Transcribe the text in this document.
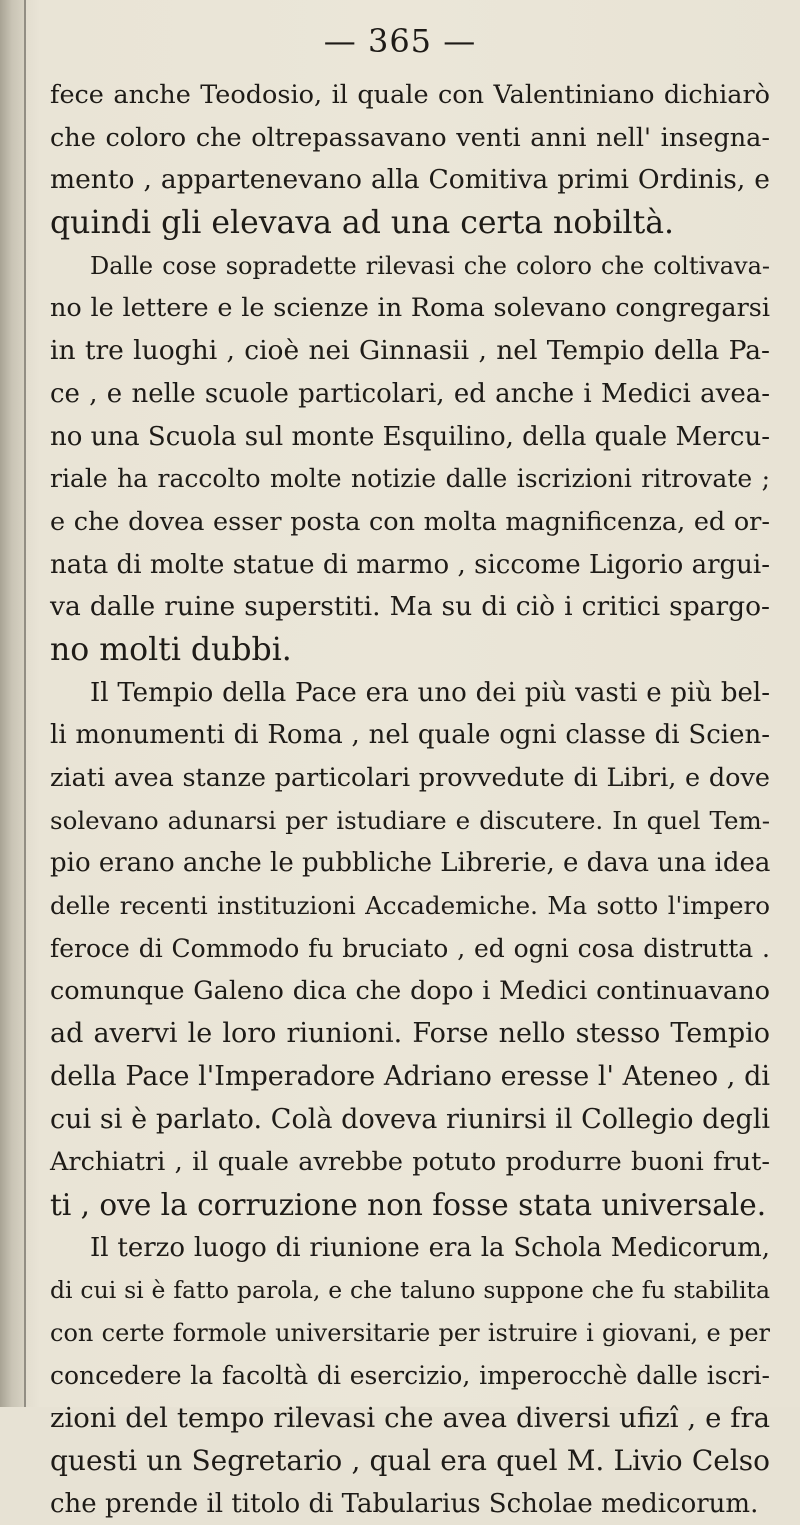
— 365 —
fece anche Teodosio, il quale con Valentiniano dichiarò
che coloro che oltrepassavano venti anni nell' insegna-
mento , appartenevano alla Comitiva primi Ordinis, e
quindi gli elevava ad una certa nobiltà.
Dalle cose sopradette rilevasi che coloro che coltivava-
no le lettere e le scienze in Roma solevano congregarsi
in tre luoghi , cioè nei Ginnasii , nel Tempio della Pa-
ce , e nelle scuole particolari, ed anche i Medici avea-
no una Scuola sul monte Esquilino, della quale Mercu-
riale ha raccolto molte notizie dalle iscrizioni ritrovate ;
e che dovea esser posta con molta magnificenza, ed or-
nata di molte statue di marmo , siccome Ligorio argui-
va dalle ruine superstiti. Ma su di ciò i critici spargo-
no molti dubbi.
Il Tempio della Pace era uno dei più vasti e più bel-
li monumenti di Roma , nel quale ogni classe di Scien-
ziati avea stanze particolari provvedute di Libri, e dove
solevano adunarsi per istudiare e discutere. In quel Tem-
pio erano anche le pubbliche Librerie, e dava una idea
delle recenti instituzioni Accademiche. Ma sotto l'impero
feroce di Commodo fu bruciato , ed ogni cosa distrutta .
comunque Galeno dica che dopo i Medici continuavano
ad avervi le loro riunioni. Forse nello stesso Tempio
della Pace l'Imperadore Adriano eresse l' Ateneo , di
cui si è parlato. Colà doveva riunirsi il Collegio degli
Archiatri , il quale avrebbe potuto produrre buoni frut-
ti , ove la corruzione non fosse stata universale.
Il terzo luogo di riunione era la Schola Medicorum,
di cui si è fatto parola, e che taluno suppone che fu stabilita
con certe formole universitarie per istruire i giovani, e per
concedere la facoltà di esercizio, imperocchè dalle iscri-
zioni del tempo rilevasi che avea diversi ufizî , e fra
questi un Segretario , qual era quel M. Livio Celso
che prende il titolo di Tabularius Scholae medicorum.
